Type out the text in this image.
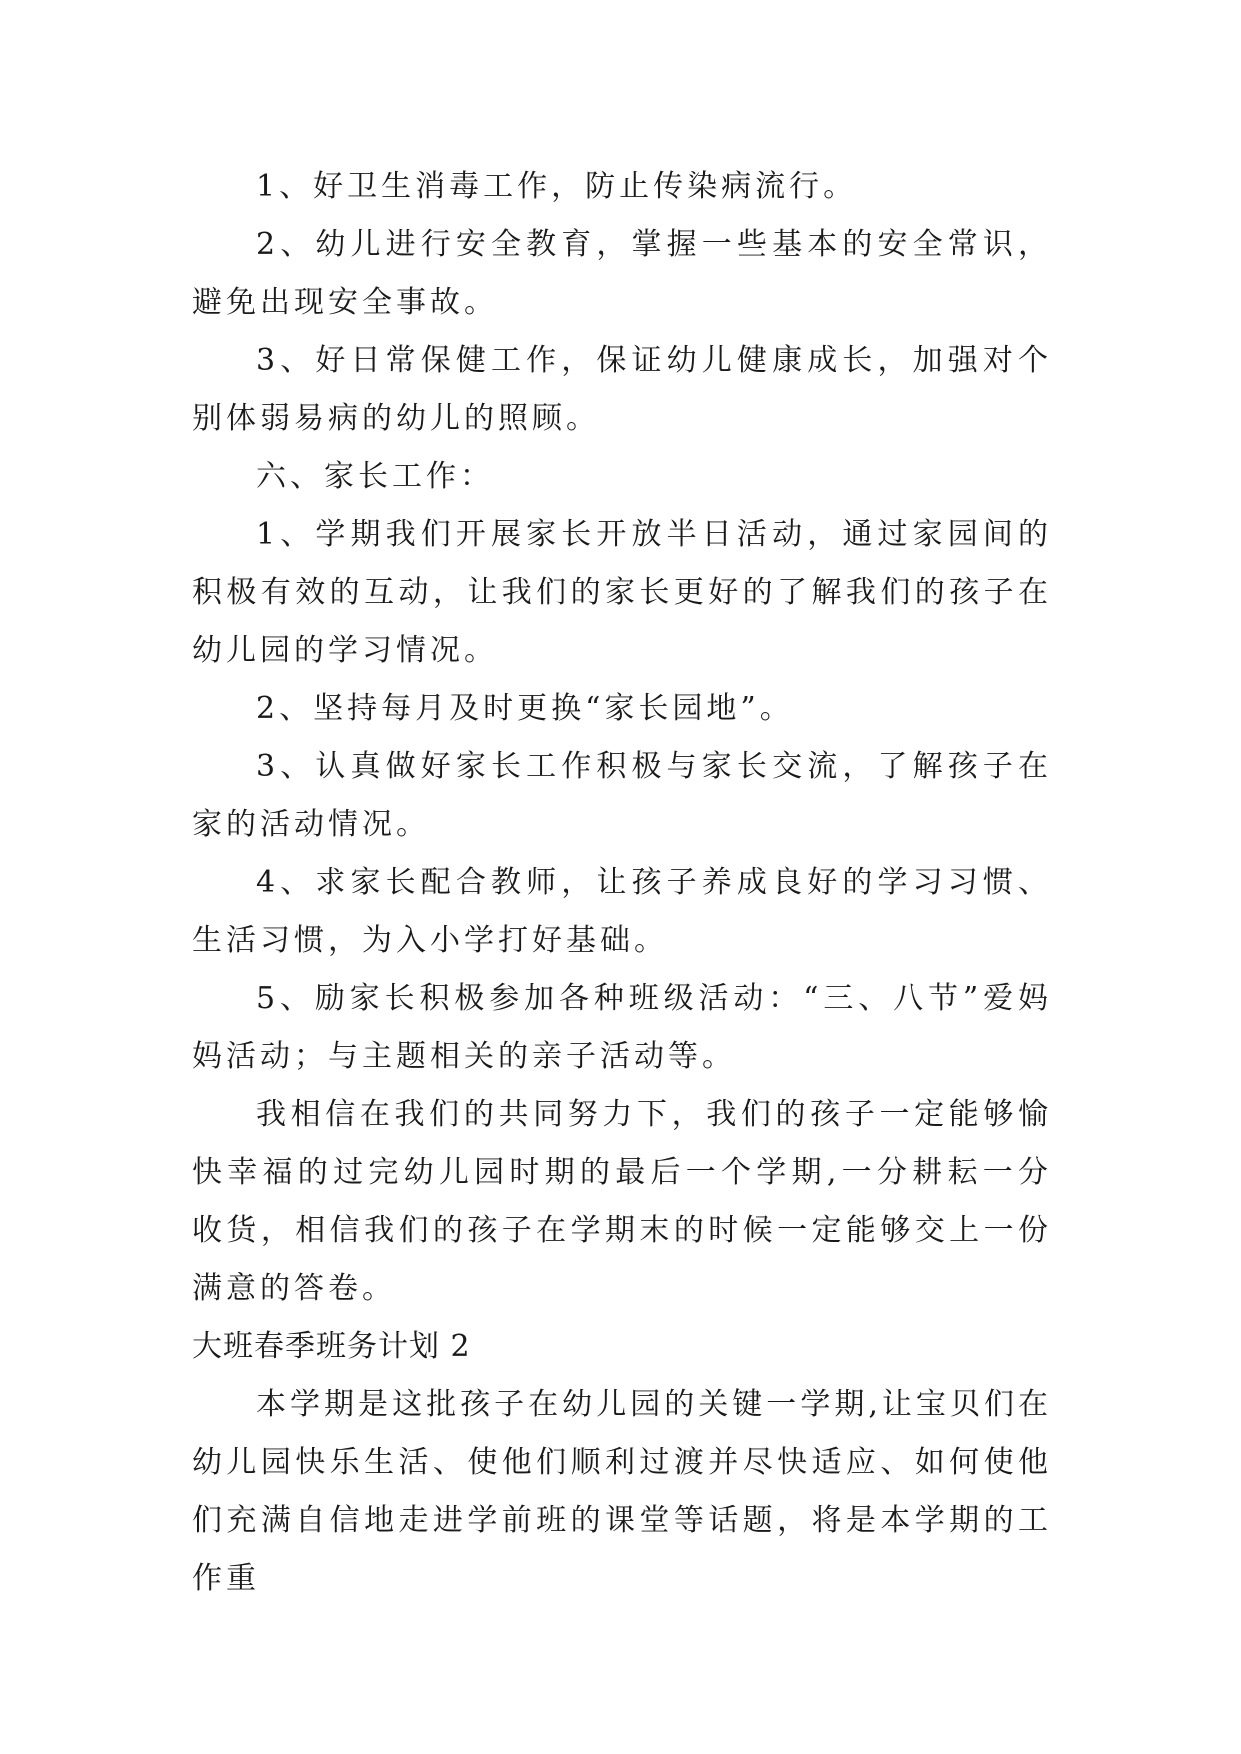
1、好卫生消毒工作，防止传染病流行。

2、幼儿进行安全教育，掌握一些基本的安全常识，避免出现安全事故。

3、好日常保健工作，保证幼儿健康成长，加强对个别体弱易病的幼儿的照顾。

六、家长工作：

1、学期我们开展家长开放半日活动，通过家园间的积极有效的互动，让我们的家长更好的了解我们的孩子在幼儿园的学习情况。

2、坚持每月及时更换“家长园地”。

3、认真做好家长工作积极与家长交流，了解孩子在家的活动情况。

4、求家长配合教师，让孩子养成良好的学习习惯、生活习惯，为入小学打好基础。

5、励家长积极参加各种班级活动：“三、八节”爱妈妈活动；与主题相关的亲子活动等。

我相信在我们的共同努力下，我们的孩子一定能够愉快幸福的过完幼儿园时期的最后一个学期,一分耕耘一分收货，相信我们的孩子在学期末的时候一定能够交上一份满意的答卷。

大班春季班务计划 2

本学期是这批孩子在幼儿园的关键一学期,让宝贝们在幼儿园快乐生活、使他们顺利过渡并尽快适应、如何使他们充满自信地走进学前班的课堂等话题，将是本学期的工作重
